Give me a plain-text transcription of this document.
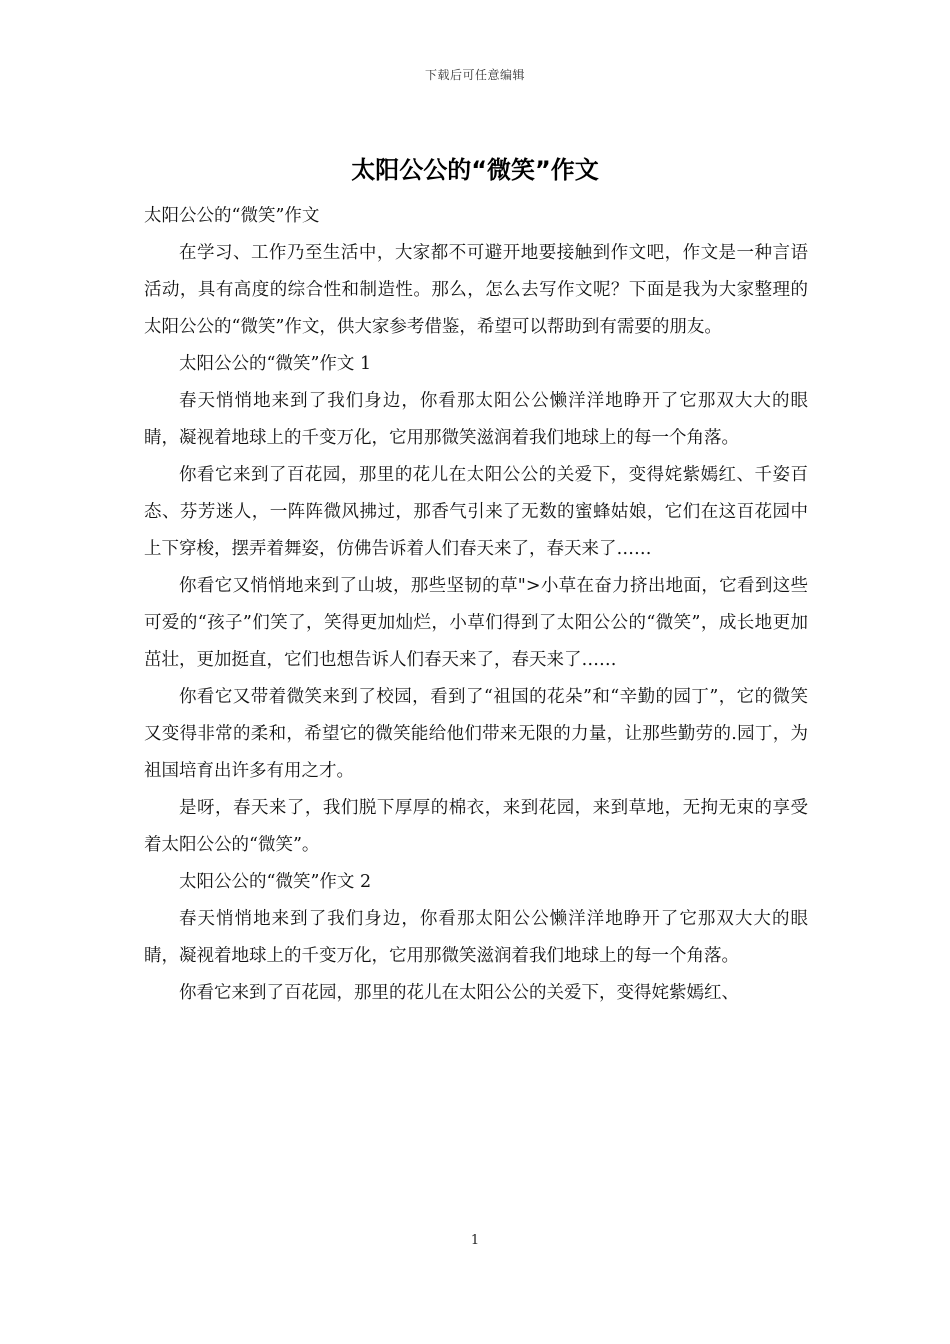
下载后可任意编辑
太阳公公的“微笑”作文

太阳公公的“微笑”作文

在学习、工作乃至生活中，大家都不可避开地要接触到作文吧，作文是一种言语活动，具有高度的综合性和制造性。那么，怎么去写作文呢？下面是我为大家整理的太阳公公的“微笑”作文，供大家参考借鉴，希望可以帮助到有需要的朋友。

太阳公公的“微笑”作文 1

春天悄悄地来到了我们身边，你看那太阳公公懒洋洋地睁开了它那双大大的眼睛，凝视着地球上的千变万化，它用那微笑滋润着我们地球上的每一个角落。

你看它来到了百花园，那里的花儿在太阳公公的关爱下，变得姹紫嫣红、千姿百态、芬芳迷人，一阵阵微风拂过，那香气引来了无数的蜜蜂姑娘，它们在这百花园中上下穿梭，摆弄着舞姿，仿佛告诉着人们春天来了，春天来了……

你看它又悄悄地来到了山坡，那些坚韧的草">小草在奋力挤出地面，它看到这些可爱的“孩子”们笑了，笑得更加灿烂，小草们得到了太阳公公的“微笑”，成长地更加茁壮，更加挺直，它们也想告诉人们春天来了，春天来了……

你看它又带着微笑来到了校园，看到了“祖国的花朵”和“辛勤的园丁”，它的微笑又变得非常的柔和，希望它的微笑能给他们带来无限的力量，让那些勤劳的.园丁，为祖国培育出许多有用之才。

是呀，春天来了，我们脱下厚厚的棉衣，来到花园，来到草地，无拘无束的享受着太阳公公的“微笑”。

太阳公公的“微笑”作文 2

春天悄悄地来到了我们身边，你看那太阳公公懒洋洋地睁开了它那双大大的眼睛，凝视着地球上的千变万化，它用那微笑滋润着我们地球上的每一个角落。

你看它来到了百花园，那里的花儿在太阳公公的关爱下，变得姹紫嫣红、

1
